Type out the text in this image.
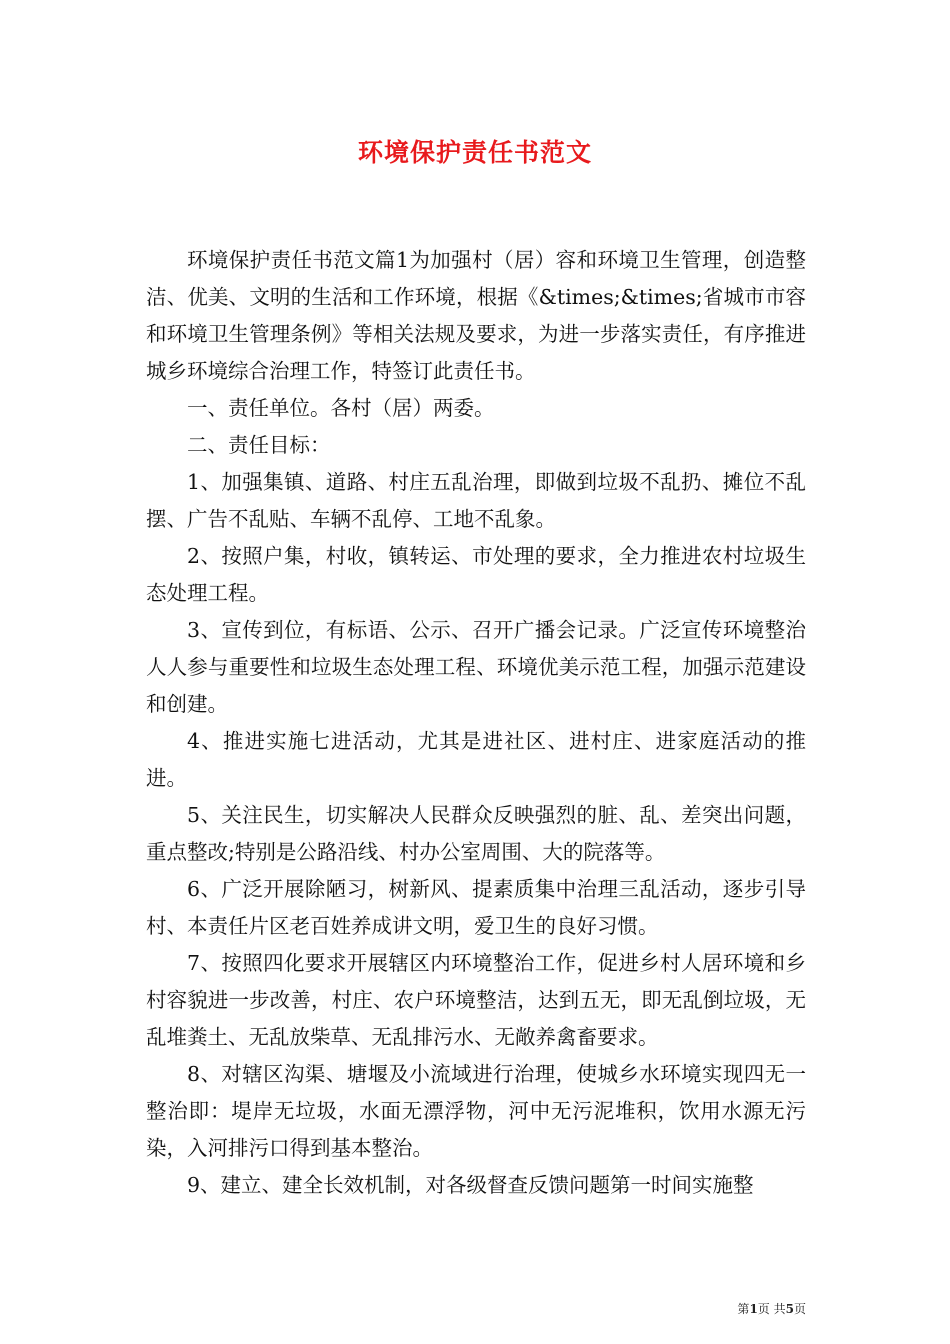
环境保护责任书范文

环境保护责任书范文篇1为加强村（居）容和环境卫生管理，创造整洁、优美、文明的生活和工作环境，根据《&times;&times;省城市市容和环境卫生管理条例》等相关法规及要求，为进一步落实责任，有序推进城乡环境综合治理工作，特签订此责任书。

一、责任单位。各村（居）两委。

二、责任目标：

1、加强集镇、道路、村庄五乱治理，即做到垃圾不乱扔、摊位不乱摆、广告不乱贴、车辆不乱停、工地不乱象。

2、按照户集，村收，镇转运、市处理的要求，全力推进农村垃圾生态处理工程。

3、宣传到位，有标语、公示、召开广播会记录。广泛宣传环境整治人人参与重要性和垃圾生态处理工程、环境优美示范工程，加强示范建设和创建。

4、推进实施七进活动，尤其是进社区、进村庄、进家庭活动的推进。

5、关注民生，切实解决人民群众反映强烈的脏、乱、差突出问题，重点整改;特别是公路沿线、村办公室周围、大的院落等。

6、广泛开展除陋习，树新风、提素质集中治理三乱活动，逐步引导村、本责任片区老百姓养成讲文明，爱卫生的良好习惯。

7、按照四化要求开展辖区内环境整治工作，促进乡村人居环境和乡村容貌进一步改善，村庄、农户环境整洁，达到五无，即无乱倒垃圾，无乱堆粪土、无乱放柴草、无乱排污水、无敞养禽畜要求。

8、对辖区沟渠、塘堰及小流域进行治理，使城乡水环境实现四无一整治即：堤岸无垃圾，水面无漂浮物，河中无污泥堆积，饮用水源无污染，入河排污口得到基本整治。

9、建立、建全长效机制，对各级督查反馈问题第一时间实施整

第1页 共5页
